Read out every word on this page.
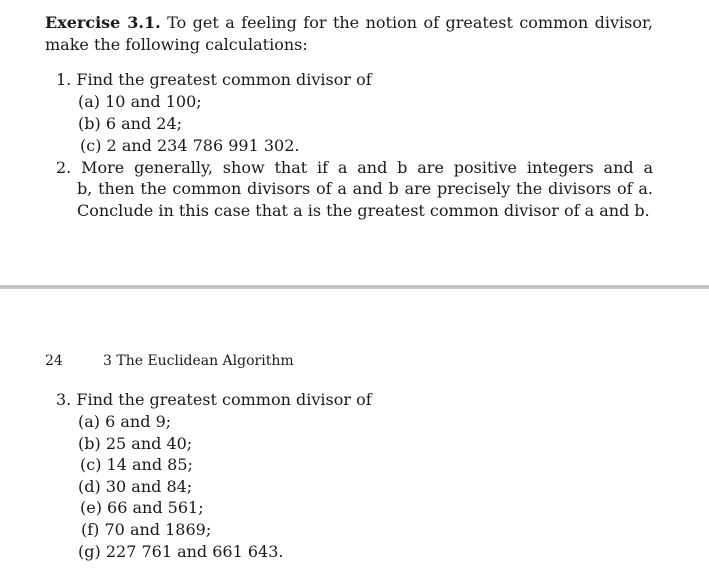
Exercise 3.1. To get a feeling for the notion of greatest common divisor,
make the following calculations:
1. Find the greatest common divisor of
(a) 10 and 100;
(b) 6 and 24;
(c) 2 and 234 786 991 302.
2. More generally, show that if a and b are positive integers and a
b, then the common divisors of a and b are precisely the divisors of a.
Conclude in this case that a is the greatest common divisor of a and b.
24	3 The Euclidean Algorithm
3. Find the greatest common divisor of
(a) 6 and 9;
(b) 25 and 40;
(c) 14 and 85;
(d) 30 and 84;
(e) 66 and 561;
(f) 70 and 1869;
(g) 227 761 and 661 643.
